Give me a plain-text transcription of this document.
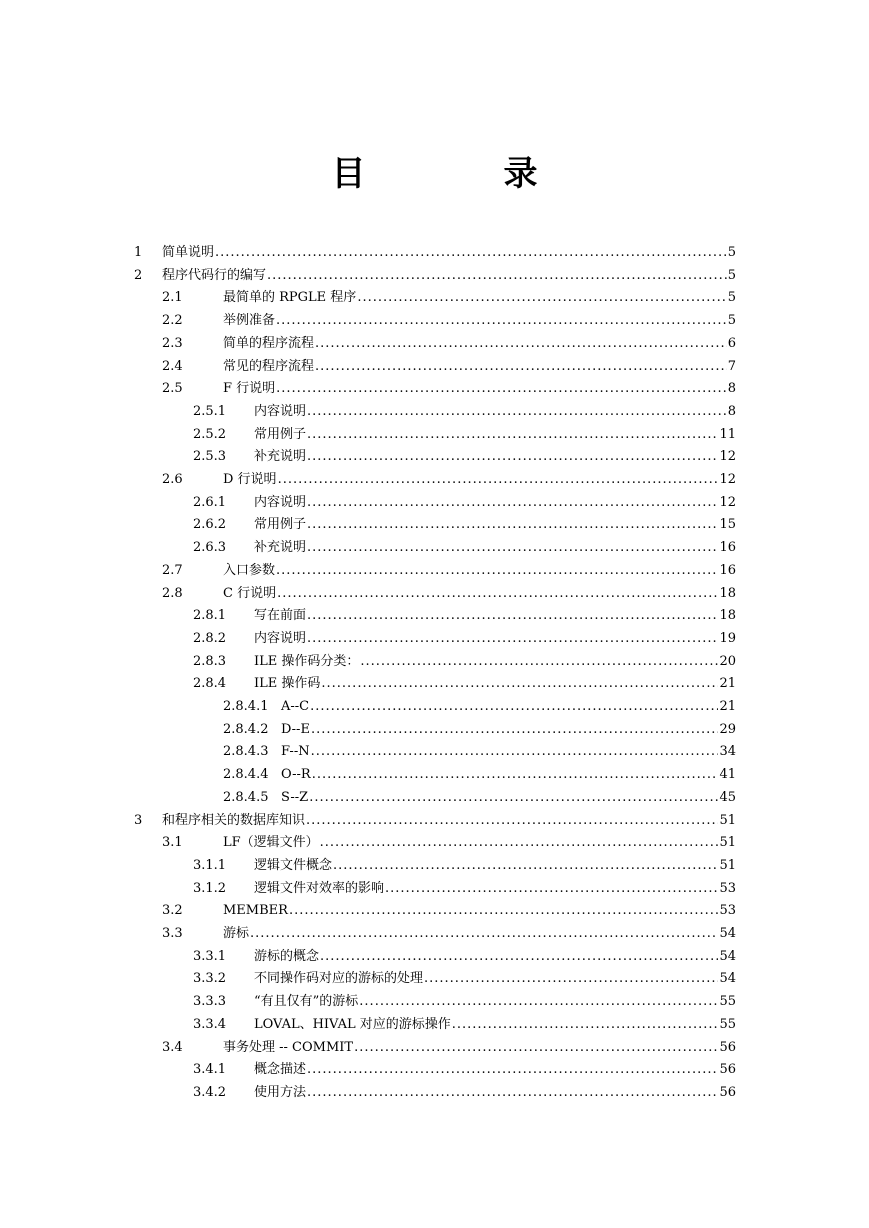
目　录
1 简单说明 .....	5
2 程序代码行的编写 .....	5
2.1	最简单的 RPGLE 程序 .....	5
2.2	举例准备 .....	5
2.3	简单的程序流程 .....	6
2.4	常见的程序流程 .....	7
2.5	F 行说明 .....	8
2.5.1 内容说明 .....	8
2.5.2 常用例子 .....	11
2.5.3 补充说明 .....	12
2.6	D 行说明 .....	12
2.6.1 内容说明 .....	12
2.6.2 常用例子 .....	15
2.6.3 补充说明 .....	16
2.7	入口参数 .....	16
2.8	C 行说明 .....	18
2.8.1 写在前面 .....	18
2.8.2 内容说明 .....	19
2.8.3 ILE 操作码分类： .....	20
2.8.4 ILE 操作码 .....	21
2.8.4.1 A--C .....	21
2.8.4.2 D--E .....	29
2.8.4.3 F--N .....	34
2.8.4.4 O--R .....	41
2.8.4.5 S--Z .....	45
3 和程序相关的数据库知识 .....	51
3.1	LF（逻辑文件） .....	51
3.1.1 逻辑文件概念 .....	51
3.1.2 逻辑文件对效率的影响 .....	53
3.2	MEMBER .....	53
3.3	游标 .....	54
3.3.1 游标的概念 .....	54
3.3.2 不同操作码对应的游标的处理 .....	54
3.3.3 “有且仅有”的游标 .....	55
3.3.4 LOVAL、HIVAL 对应的游标操作 .....	55
3.4	事务处理 -- COMMIT .....	56
3.4.1 概念描述 .....	56
3.4.2 使用方法 .....	56
